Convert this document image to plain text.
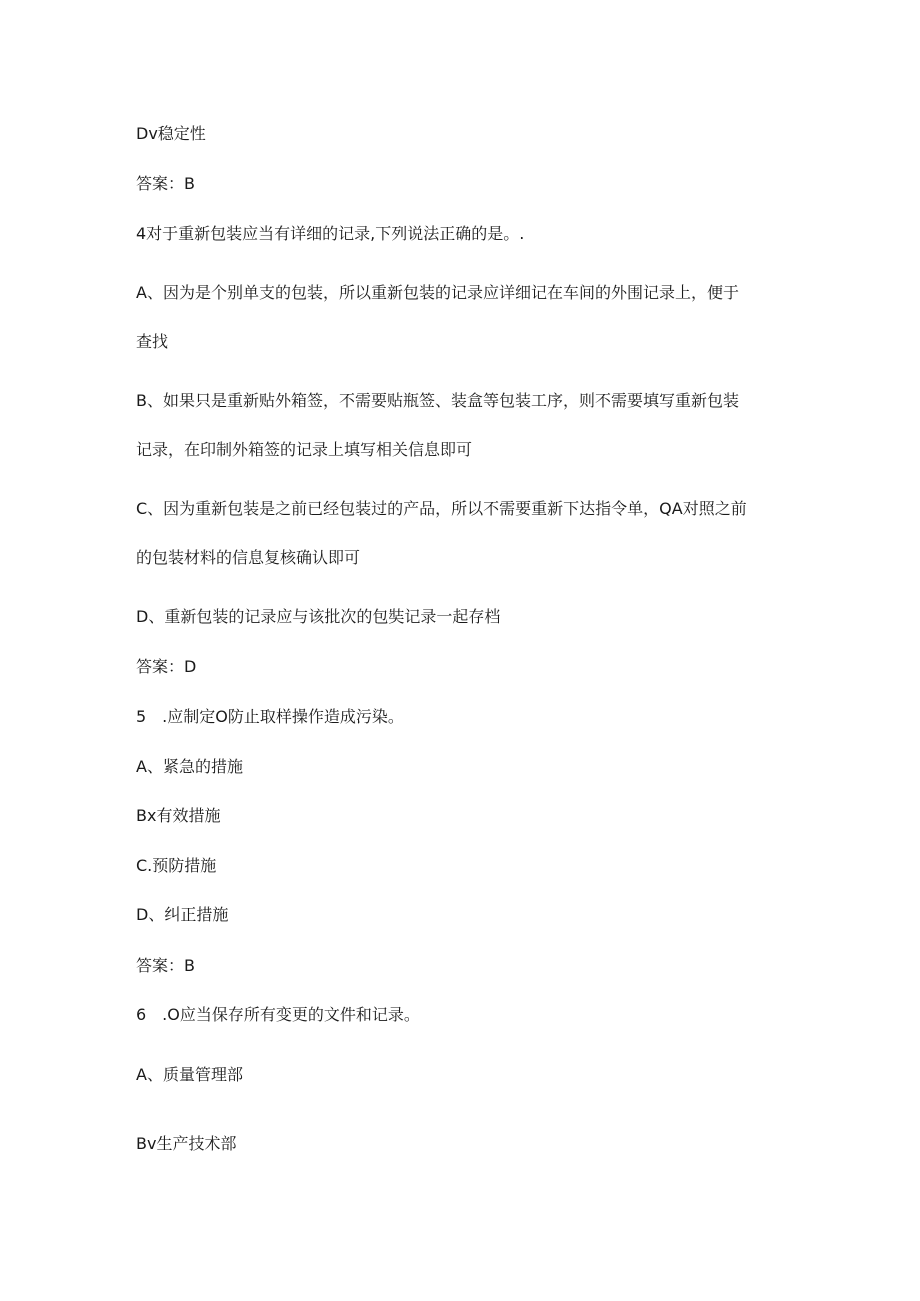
Dv稳定性
答案：B
4对于重新包装应当有详细的记录,下列说法正确的是。.
A、因为是个别单支的包装，所以重新包装的记录应详细记在车间的外围记录上，便于
查找
B、如果只是重新贴外箱签，不需要贴瓶签、装盒等包装工序，则不需要填写重新包装
记录，在印制外箱签的记录上填写相关信息即可
C、因为重新包装是之前已经包装过的产品，所以不需要重新下达指令单，QA对照之前
的包装材料的信息复核确认即可
D、重新包装的记录应与该批次的包奘记录一起存档
答案：D
5　.应制定O防止取样操作造成污染。
A、紧急的措施
Bx有效措施
C.预防措施
D、纠正措施
答案：B
6　.O应当保存所有变更的文件和记录。
A、质量管理部
Bv生产技术部
